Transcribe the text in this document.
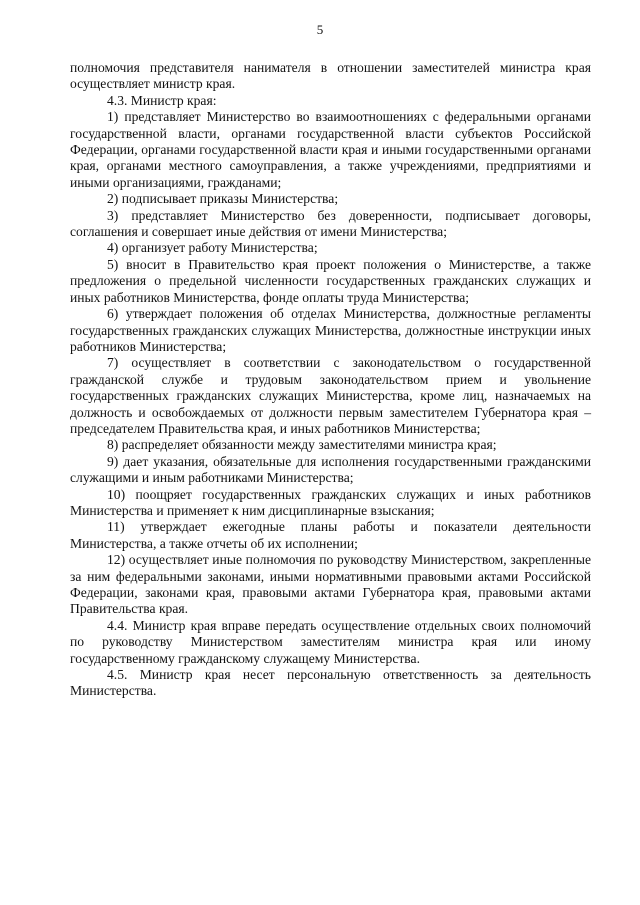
5

полномочия представителя нанимателя в отношении заместителей министра края осуществляет министр края.

4.3. Министр края:

1) представляет Министерство во взаимоотношениях с федеральными органами государственной власти, органами государственной власти субъектов Российской Федерации, органами государственной власти края и иными государственными органами края, органами местного самоуправления, а также учреждениями, предприятиями и иными организациями, гражданами;

2) подписывает приказы Министерства;

3) представляет Министерство без доверенности, подписывает договоры, соглашения и совершает иные действия от имени Министерства;

4) организует работу Министерства;

5) вносит в Правительство края проект положения о Министерстве, а также предложения о предельной численности государственных гражданских служащих и иных работников Министерства, фонде оплаты труда Министерства;

6) утверждает положения об отделах Министерства, должностные регламенты государственных гражданских служащих Министерства, должностные инструкции иных работников Министерства;

7) осуществляет в соответствии с законодательством о государственной гражданской службе и трудовым законодательством прием и увольнение государственных гражданских служащих Министерства, кроме лиц, назначаемых на должность и освобождаемых от должности первым заместителем Губернатора края – председателем Правительства края, и иных работников Министерства;

8) распределяет обязанности между заместителями министра края;

9) дает указания, обязательные для исполнения государственными гражданскими служащими и иным работниками Министерства;

10) поощряет государственных гражданских служащих и иных работников Министерства и применяет к ним дисциплинарные взыскания;

11) утверждает ежегодные планы работы и показатели деятельности Министерства, а также отчеты об их исполнении;

12) осуществляет иные полномочия по руководству Министерством, закрепленные за ним федеральными законами, иными нормативными правовыми актами Российской Федерации, законами края, правовыми актами Губернатора края, правовыми актами Правительства края.

4.4. Министр края вправе передать осуществление отдельных своих полномочий по руководству Министерством заместителям министра края или иному государственному гражданскому служащему Министерства.

4.5. Министр края несет персональную ответственность за деятельность Министерства.
